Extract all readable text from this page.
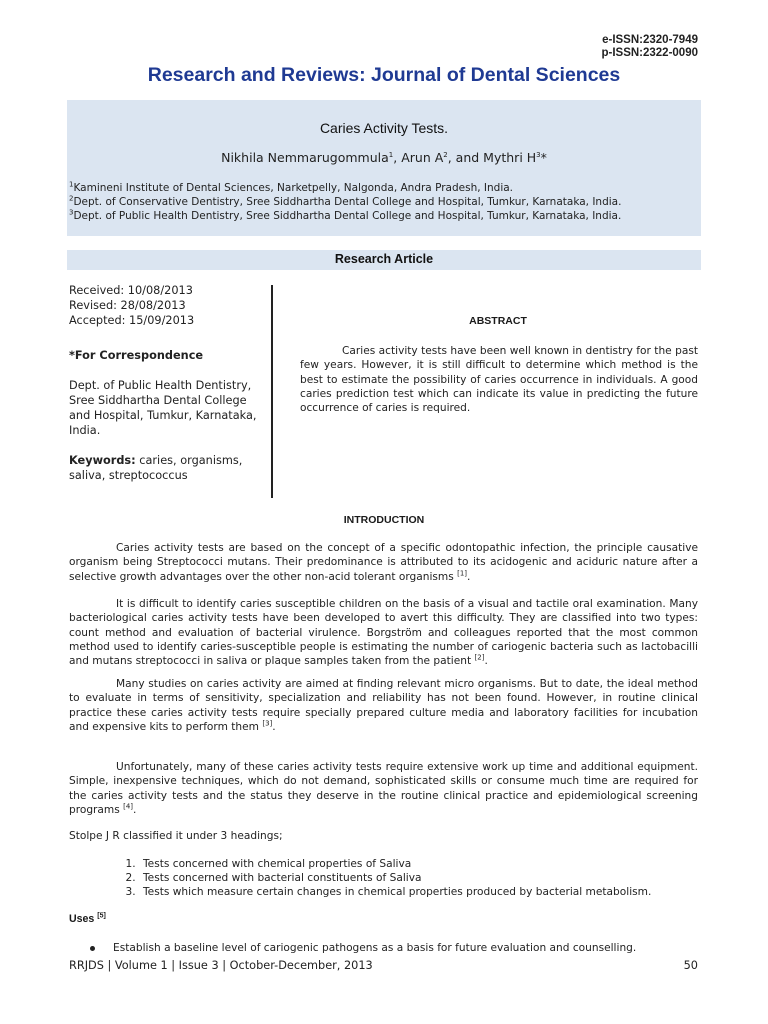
e-ISSN:2320-7949
p-ISSN:2322-0090
Research and Reviews: Journal of Dental Sciences
Caries Activity Tests.
Nikhila Nemmarugommula$^1$, Arun $A^2$, and Mythri $H^3*$
$^1$Kamineni Institute of Dental Sciences, Narketpelly, Nalgonda, Andra Pradesh, India.
$^2$Dept. of Conservative Dentistry, Sree Siddhartha Dental College and Hospital, Tumkur, Karnataka, India.
$^3$Dept. of Public Health Dentistry, Sree Siddhartha Dental College and Hospital, Tumkur, Karnataka, India.
Research Article
Received: 10/08/2013
Revised: 28/08/2013
Accepted: 15/09/2013
*For Correspondence
Dept. of Public Health Dentistry, Sree Siddhartha Dental College and Hospital, Tumkur, Karnataka, India.
Keywords: caries, organisms, saliva, streptococcus
ABSTRACT
Caries activity tests have been well known in dentistry for the past few years. However, it is still difficult to determine which method is the best to estimate the possibility of caries occurrence in individuals. A good caries prediction test which can indicate its value in predicting the future occurrence of caries is required.
INTRODUCTION
Caries activity tests are based on the concept of a specific odontopathic infection, the principle causative organism being Streptococci mutans. Their predominance is attributed to its acidogenic and aciduric nature after a selective growth advantages over the other non-acid tolerant organisms [1].
It is difficult to identify caries susceptible children on the basis of a visual and tactile oral examination. Many bacteriological caries activity tests have been developed to avert this difficulty. They are classified into two types: count method and evaluation of bacterial virulence. Borgström and colleagues reported that the most common method used to identify caries-susceptible people is estimating the number of cariogenic bacteria such as lactobacilli and mutans streptococci in saliva or plaque samples taken from the patient [2].
Many studies on caries activity are aimed at finding relevant micro organisms. But to date, the ideal method to evaluate in terms of sensitivity, specialization and reliability has not been found. However, in routine clinical practice these caries activity tests require specially prepared culture media and laboratory facilities for incubation and expensive kits to perform them [3].
Unfortunately, many of these caries activity tests require extensive work up time and additional equipment. Simple, inexpensive techniques, which do not demand, sophisticated skills or consume much time are required for the caries activity tests and the status they deserve in the routine clinical practice and epidemiological screening programs [4].
Stolpe J R classified it under 3 headings;
1. Tests concerned with chemical properties of Saliva
2. Tests concerned with bacterial constituents of Saliva
3. Tests which measure certain changes in chemical properties produced by bacterial metabolism.
Uses [5]
Establish a baseline level of cariogenic pathogens as a basis for future evaluation and counselling.
RRJDS | Volume 1 | Issue 3 | October-December, 2013	50
